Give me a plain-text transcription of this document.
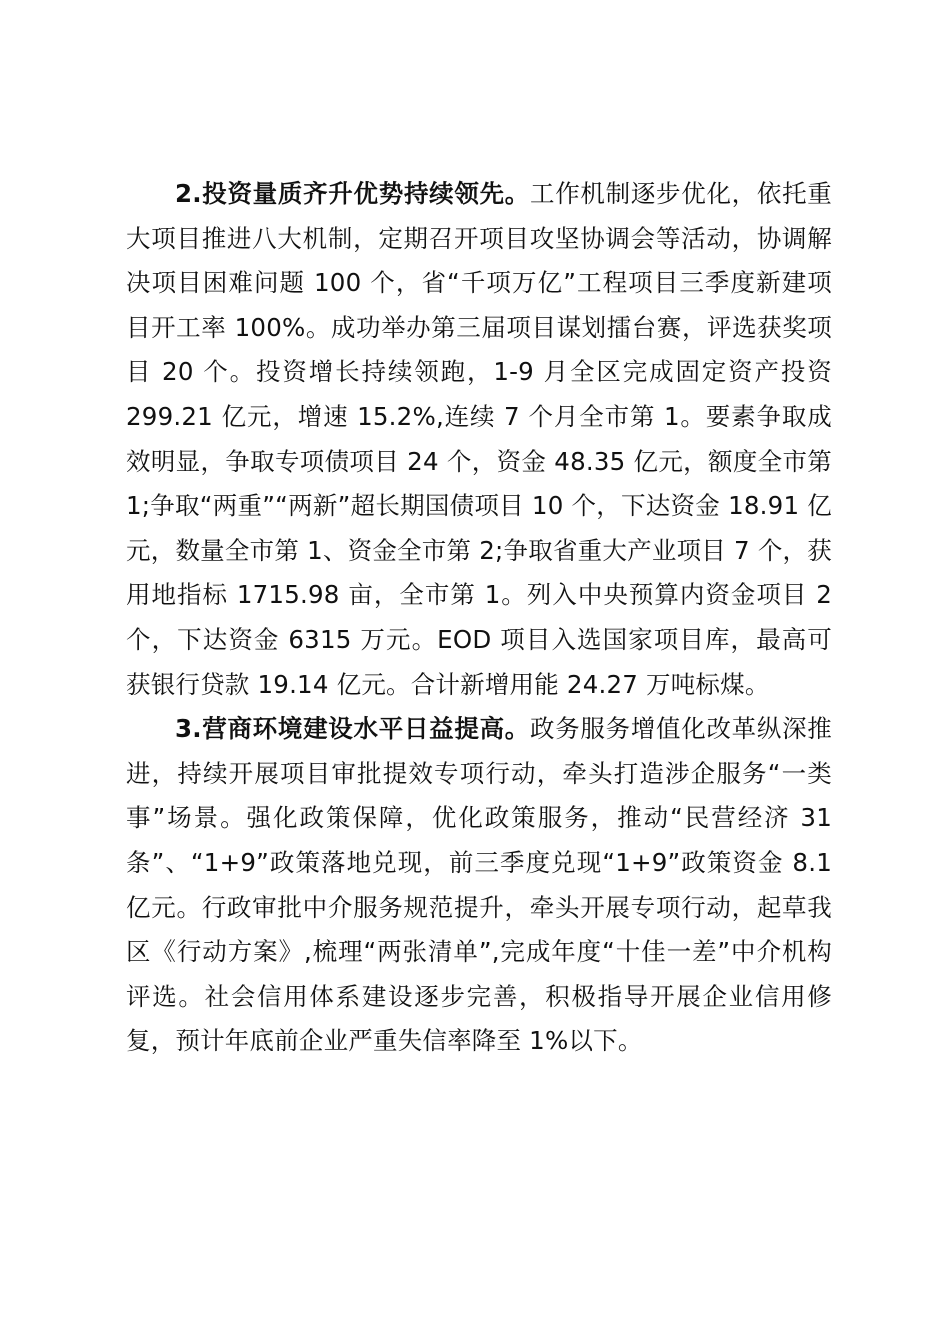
2.投资量质齐升优势持续领先。工作机制逐步优化，依托重大项目推进八大机制，定期召开项目攻坚协调会等活动，协调解决项目困难问题 100 个，省“千项万亿”工程项目三季度新建项目开工率 100%。成功举办第三届项目谋划擂台赛，评选获奖项目 20 个。投资增长持续领跑，1-9 月全区完成固定资产投资 299.21 亿元，增速 15.2%,连续 7 个月全市第 1。要素争取成效明显，争取专项债项目 24 个，资金 48.35 亿元，额度全市第 1;争取“两重”“两新”超长期国债项目 10 个，下达资金 18.91 亿元，数量全市第 1、资金全市第 2;争取省重大产业项目 7 个，获用地指标 1715.98 亩，全市第 1。列入中央预算内资金项目 2 个，下达资金 6315 万元。EOD 项目入选国家项目库，最高可获银行贷款 19.14 亿元。合计新增用能 24.27 万吨标煤。

3.营商环境建设水平日益提高。政务服务增值化改革纵深推进，持续开展项目审批提效专项行动，牵头打造涉企服务“一类事”场景。强化政策保障，优化政策服务，推动“民营经济 31 条”、“1+9”政策落地兑现，前三季度兑现“1+9”政策资金 8.1 亿元。行政审批中介服务规范提升，牵头开展专项行动，起草我区《行动方案》,梳理“两张清单”,完成年度“十佳一差”中介机构评选。社会信用体系建设逐步完善，积极指导开展企业信用修复，预计年底前企业严重失信率降至 1%以下。
